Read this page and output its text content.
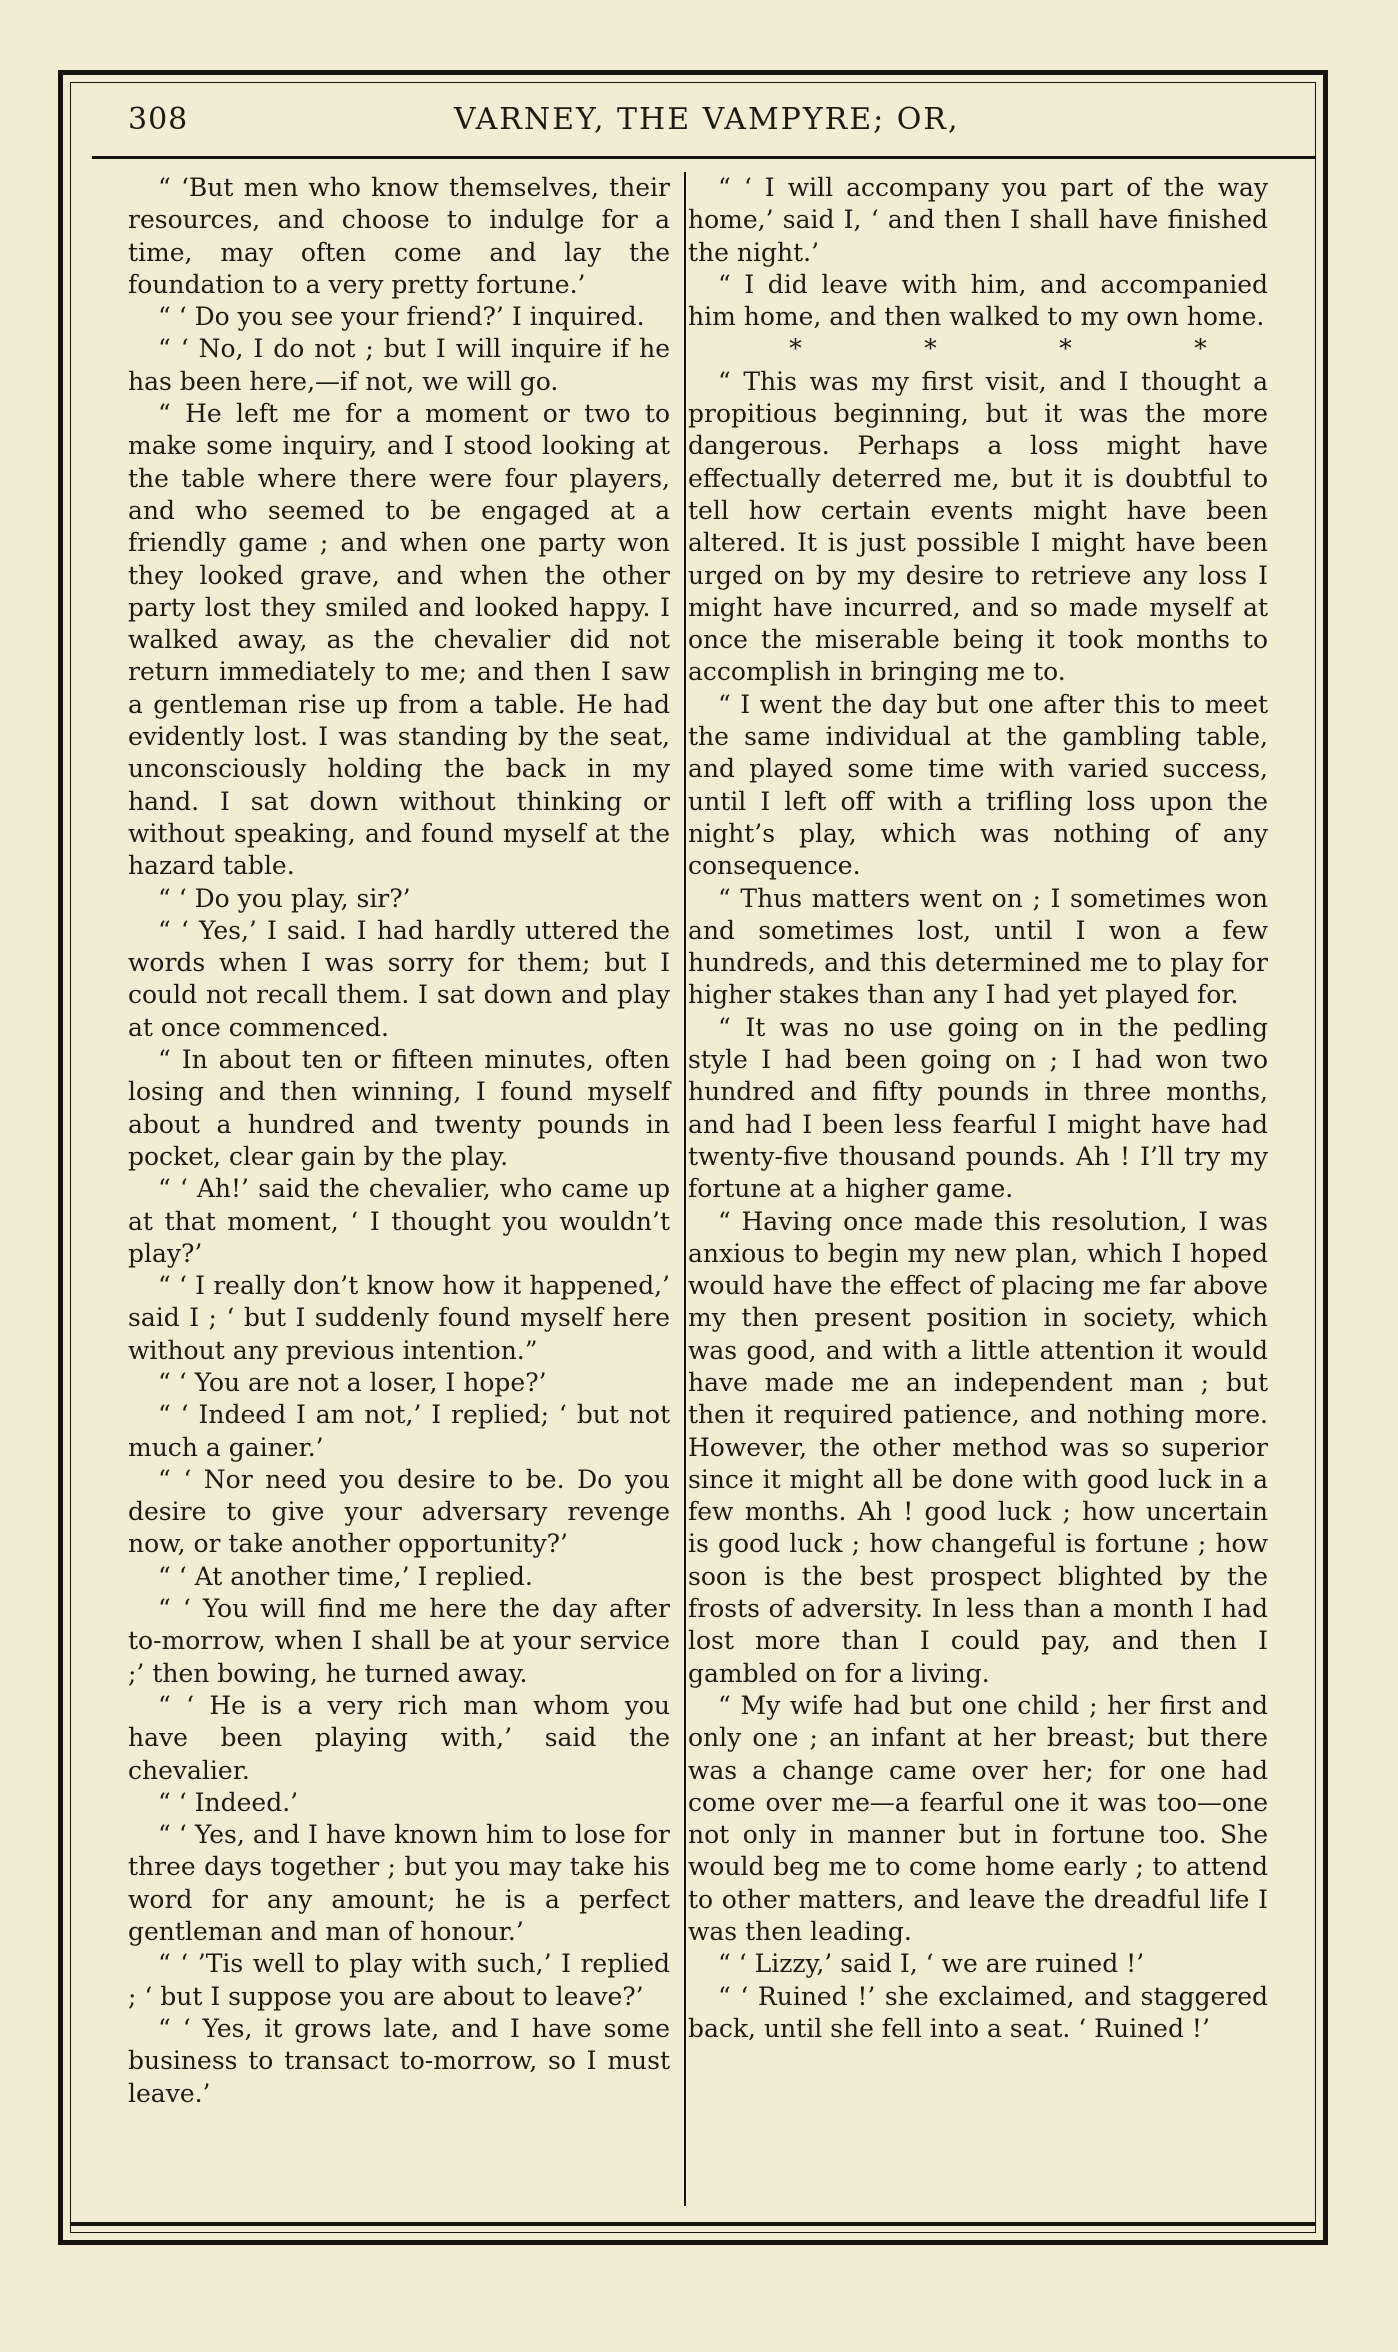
308	VARNEY, THE VAMPYRE; OR,

“ ‘But men who know themselves, their resources, and choose to indulge for a time, may often come and lay the foundation to a very pretty fortune.’

“ ‘ Do you see your friend?’ I inquired.

“ ‘ No, I do not ; but I will inquire if he has been here,—if not, we will go.

“ He left me for a moment or two to make some inquiry, and I stood looking at the table where there were four players, and who seemed to be engaged at a friendly game ; and when one party won they looked grave, and when the other party lost they smiled and looked happy. I walked away, as the chevalier did not return immediately to me; and then I saw a gentleman rise up from a table. He had evidently lost. I was standing by the seat, unconsciously holding the back in my hand. I sat down without thinking or without speaking, and found myself at the hazard table.

“ ‘ Do you play, sir?’

“ ‘ Yes,’ I said. I had hardly uttered the words when I was sorry for them; but I could not recall them. I sat down and play at once commenced.

“ In about ten or fifteen minutes, often losing and then winning, I found myself about a hundred and twenty pounds in pocket, clear gain by the play.

“ ‘ Ah!’ said the chevalier, who came up at that moment, ‘ I thought you wouldn’t play?’

“ ‘ I really don’t know how it happened,’ said I ; ‘ but I suddenly found myself here without any previous intention.”

“ ‘ You are not a loser, I hope?’

“ ‘ Indeed I am not,’ I replied; ‘ but not much a gainer.’

“ ‘ Nor need you desire to be. Do you desire to give your adversary revenge now, or take another opportunity?’

“ ‘ At another time,’ I replied.

“ ‘ You will find me here the day after to-morrow, when I shall be at your service ;’ then bowing, he turned away.

“ ‘ He is a very rich man whom you have been playing with,’ said the chevalier.

“ ‘ Indeed.’

“ ‘ Yes, and I have known him to lose for three days together ; but you may take his word for any amount; he is a perfect gentleman and man of honour.’

“ ‘ ’Tis well to play with such,’ I replied ; ‘ but I suppose you are about to leave?’

“ ‘ Yes, it grows late, and I have some business to transact to-morrow, so I must leave.’

“ ‘ I will accompany you part of the way home,’ said I, ‘ and then I shall have finished the night.’

“ I did leave with him, and accompanied him home, and then walked to my own home.

*	*	*	*

“ This was my first visit, and I thought a propitious beginning, but it was the more dangerous. Perhaps a loss might have effectually deterred me, but it is doubtful to tell how certain events might have been altered. It is just possible I might have been urged on by my desire to retrieve any loss I might have incurred, and so made myself at once the miserable being it took months to accomplish in bringing me to.

“ I went the day but one after this to meet the same individual at the gambling table, and played some time with varied success, until I left off with a trifling loss upon the night’s play, which was nothing of any consequence.

“ Thus matters went on ; I sometimes won and sometimes lost, until I won a few hundreds, and this determined me to play for higher stakes than any I had yet played for.

“ It was no use going on in the pedling style I had been going on ; I had won two hundred and fifty pounds in three months, and had I been less fearful I might have had twenty-five thousand pounds. Ah ! I’ll try my fortune at a higher game.

“ Having once made this resolution, I was anxious to begin my new plan, which I hoped would have the effect of placing me far above my then present position in society, which was good, and with a little attention it would have made me an independent man ; but then it required patience, and nothing more. However, the other method was so superior since it might all be done with good luck in a few months. Ah ! good luck ; how uncertain is good luck ; how changeful is fortune ; how soon is the best prospect blighted by the frosts of adversity. In less than a month I had lost more than I could pay, and then I gambled on for a living.

“ My wife had but one child ; her first and only one ; an infant at her breast; but there was a change came over her; for one had come over me—a fearful one it was too—one not only in manner but in fortune too. She would beg me to come home early ; to attend to other matters, and leave the dreadful life I was then leading.

“ ‘ Lizzy,’ said I, ‘ we are ruined !’

“ ‘ Ruined !’ she exclaimed, and staggered back, until she fell into a seat. ‘ Ruined !’
